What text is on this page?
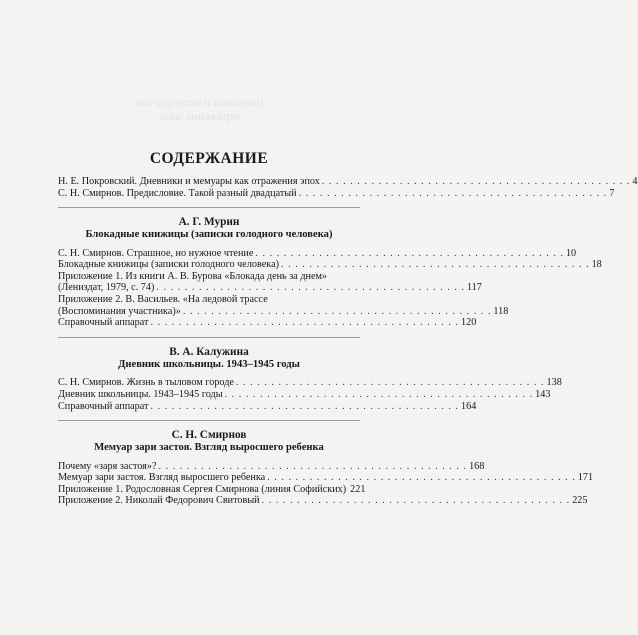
Дневники и мемуары как отражения эпох
СОДЕРЖАНИЕ
Н. Е. Покровский. Дневники и мемуары как отражения эпох . . . . . . . . . . . . . . . . . . . . . . . . . . . . . . . . . . . . . . . . . . . . 4
С. Н. Смирнов. Предисловие. Такой разный двадцатый . . . . . . . . . . . . . . . . . . . . . . . . . . . . . . . . . . . . . . . . . . . . 7
А. Г. Мурин
Блокадные книжицы (записки голодного человека)
С. Н. Смирнов. Страшное, но нужное чтение . . . . . . . . . . . . . . . . . . . . . . . . . . . . . . . . . . . . . . . . . . . . 10
Блокадные книжицы (записки голодного человека) . . . . . . . . . . . . . . . . . . . . . . . . . . . . . . . . . . . . . . . . . . . . 18
Приложение 1. Из книги А. В. Бурова «Блокада день за днем»
(Лениздат, 1979, с. 74) . . . . . . . . . . . . . . . . . . . . . . . . . . . . . . . . . . . . . . . . . . . . 117
Приложение 2. В. Васильев. «На ледовой трассе
(Воспоминания участника)» . . . . . . . . . . . . . . . . . . . . . . . . . . . . . . . . . . . . . . . . . . . . 118
Справочный аппарат . . . . . . . . . . . . . . . . . . . . . . . . . . . . . . . . . . . . . . . . . . . . 120
В. А. Калужина
Дневник школьницы. 1943–1945 годы
С. Н. Смирнов. Жизнь в тыловом городе . . . . . . . . . . . . . . . . . . . . . . . . . . . . . . . . . . . . . . . . . . . . 138
Дневник школьницы. 1943–1945 годы . . . . . . . . . . . . . . . . . . . . . . . . . . . . . . . . . . . . . . . . . . . . 143
Справочный аппарат . . . . . . . . . . . . . . . . . . . . . . . . . . . . . . . . . . . . . . . . . . . . 164
С. Н. Смирнов
Мемуар зари застоя. Взгляд выросшего ребенка
Почему «заря застоя»? . . . . . . . . . . . . . . . . . . . . . . . . . . . . . . . . . . . . . . . . . . . . 168
Мемуар зари застоя. Взгляд выросшего ребенка . . . . . . . . . . . . . . . . . . . . . . . . . . . . . . . . . . . . . . . . . . . . 171
Приложение 1. Родословная Сергея Смирнова (линия Софийских) 221
Приложение 2. Николай Федорович Свитовый . . . . . . . . . . . . . . . . . . . . . . . . . . . . . . . . . . . . . . . . . . . . 225
